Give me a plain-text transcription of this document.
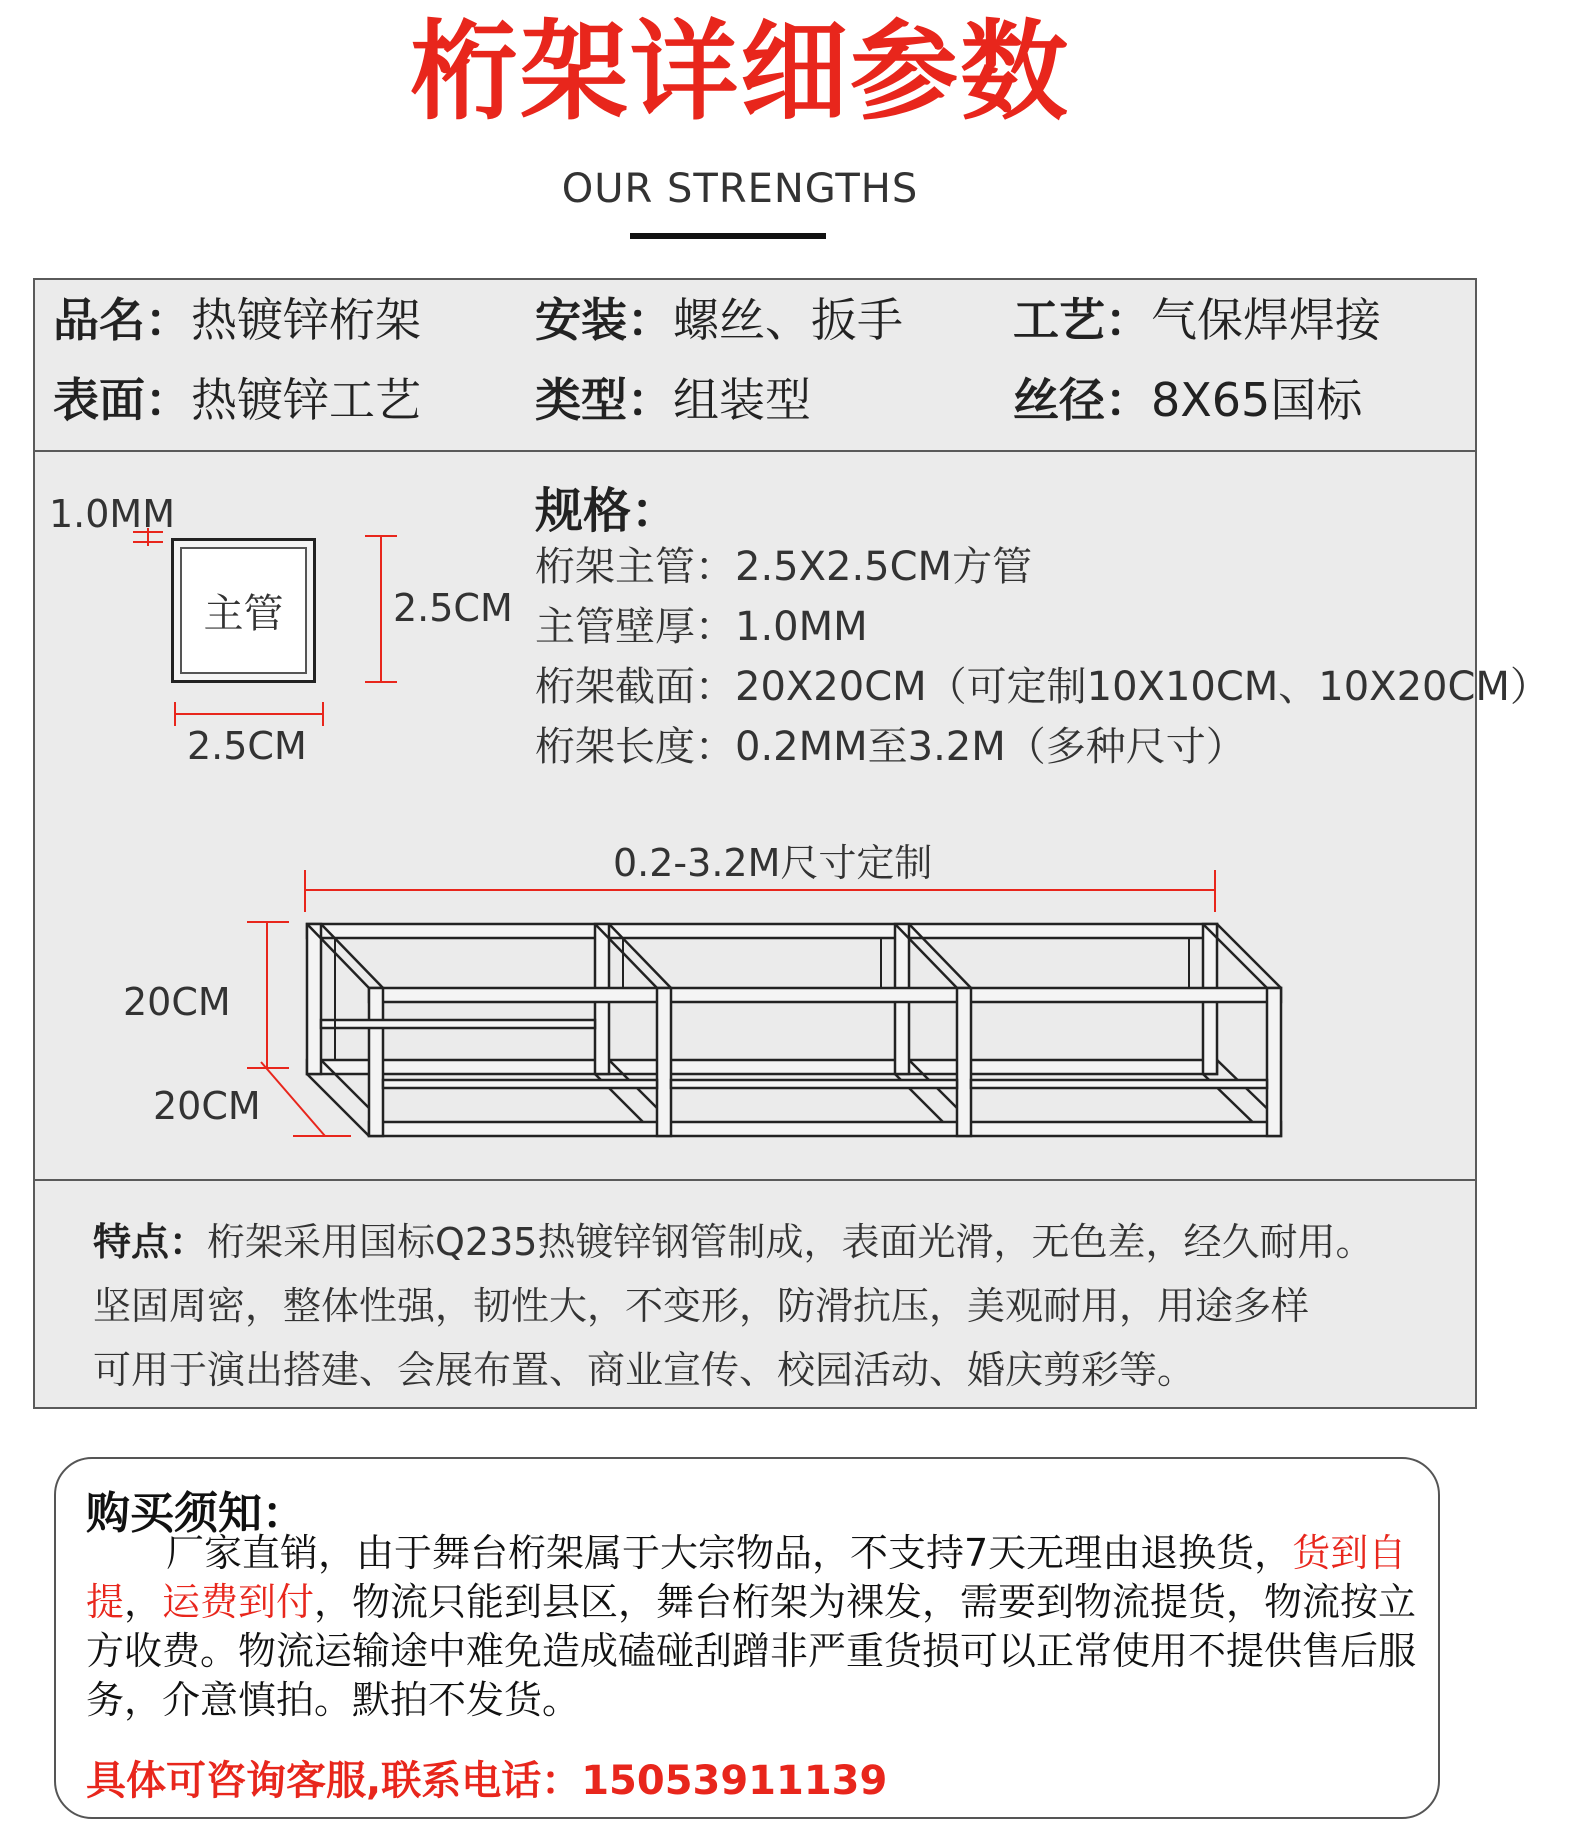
桁架详细参数
OUR STRENGTHS
品名：热镀锌桁架 安装：螺丝、扳手 工艺：气保焊焊接
表面：热镀锌工艺 类型：组装型	丝径：8X65国标
1.0MM
主管	2.5CM
2.5CM
规格：
桁架主管：2.5X2.5CM方管
主管壁厚：1.0MM
桁架截面：20X20CM（可定制10X10CM、10X20CM）
桁架长度：0.2MM至3.2M（多种尺寸）
0.2-3.2M尺寸定制
20CM
20CM
特点：桁架采用国标Q235热镀锌钢管制成，表面光滑，无色差，经久耐用。
坚固周密，整体性强，韧性大，不变形，防滑抗压，美观耐用，用途多样
可用于演出搭建、会展布置、商业宣传、校园活动、婚庆剪彩等。
购买须知：
厂家直销，由于舞台桁架属于大宗物品，不支持7天无理由退换货，货到自提，运费到付，物流只能到县区，舞台桁架为裸发，需要到物流提货，物流按立方收费。物流运输途中难免造成磕碰刮蹭非严重货损可以正常使用不提供售后服务，介意慎拍。默拍不发货。
具体可咨询客服,联系电话：15053911139
